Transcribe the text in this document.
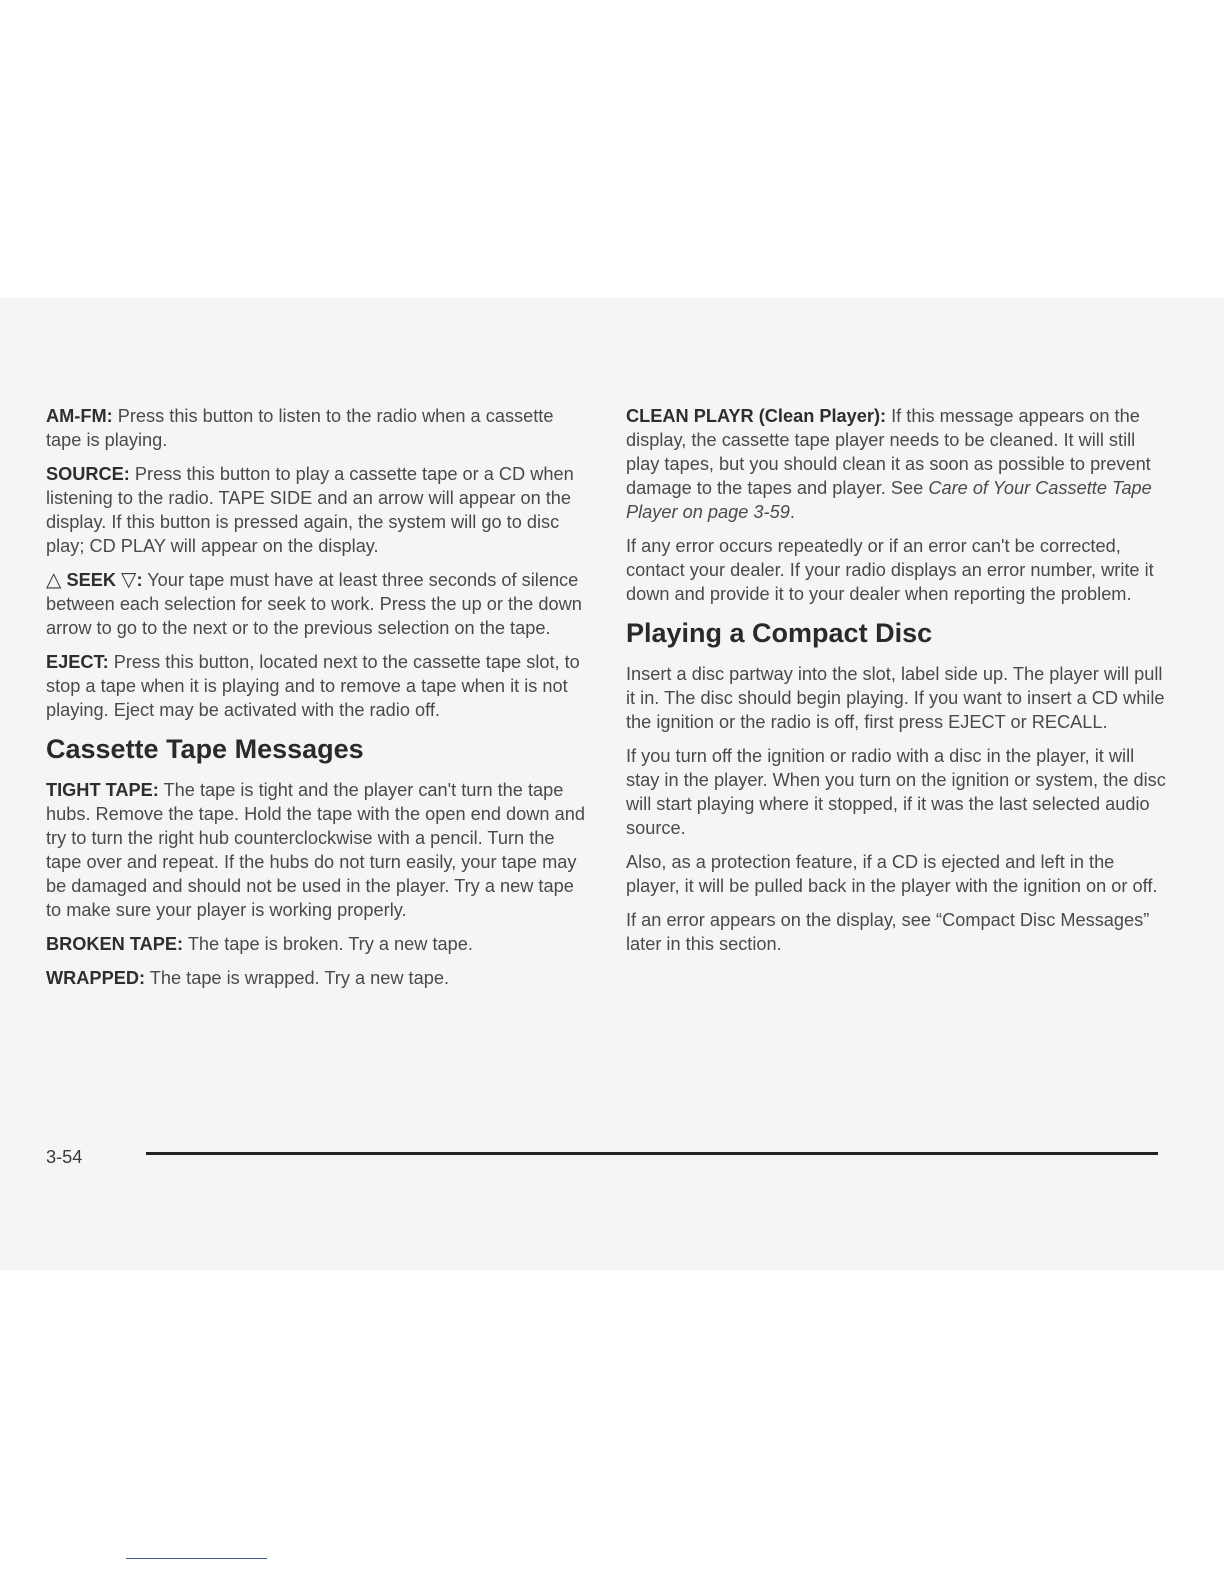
AM-FM: Press this button to listen to the radio when a cassette tape is playing.

SOURCE: Press this button to play a cassette tape or a CD when listening to the radio. TAPE SIDE and an arrow will appear on the display. If this button is pressed again, the system will go to disc play; CD PLAY will appear on the display.

△ SEEK ▽: Your tape must have at least three seconds of silence between each selection for seek to work. Press the up or the down arrow to go to the next or to the previous selection on the tape.

EJECT: Press this button, located next to the cassette tape slot, to stop a tape when it is playing and to remove a tape when it is not playing. Eject may be activated with the radio off.

Cassette Tape Messages

TIGHT TAPE: The tape is tight and the player can't turn the tape hubs. Remove the tape. Hold the tape with the open end down and try to turn the right hub counterclockwise with a pencil. Turn the tape over and repeat. If the hubs do not turn easily, your tape may be damaged and should not be used in the player. Try a new tape to make sure your player is working properly.

BROKEN TAPE: The tape is broken. Try a new tape.

WRAPPED: The tape is wrapped. Try a new tape.

CLEAN PLAYR (Clean Player): If this message appears on the display, the cassette tape player needs to be cleaned. It will still play tapes, but you should clean it as soon as possible to prevent damage to the tapes and player. See Care of Your Cassette Tape Player on page 3-59.

If any error occurs repeatedly or if an error can't be corrected, contact your dealer. If your radio displays an error number, write it down and provide it to your dealer when reporting the problem.

Playing a Compact Disc

Insert a disc partway into the slot, label side up. The player will pull it in. The disc should begin playing. If you want to insert a CD while the ignition or the radio is off, first press EJECT or RECALL.

If you turn off the ignition or radio with a disc in the player, it will stay in the player. When you turn on the ignition or system, the disc will start playing where it stopped, if it was the last selected audio source.

Also, as a protection feature, if a CD is ejected and left in the player, it will be pulled back in the player with the ignition on or off.

If an error appears on the display, see “Compact Disc Messages” later in this section.

3-54
